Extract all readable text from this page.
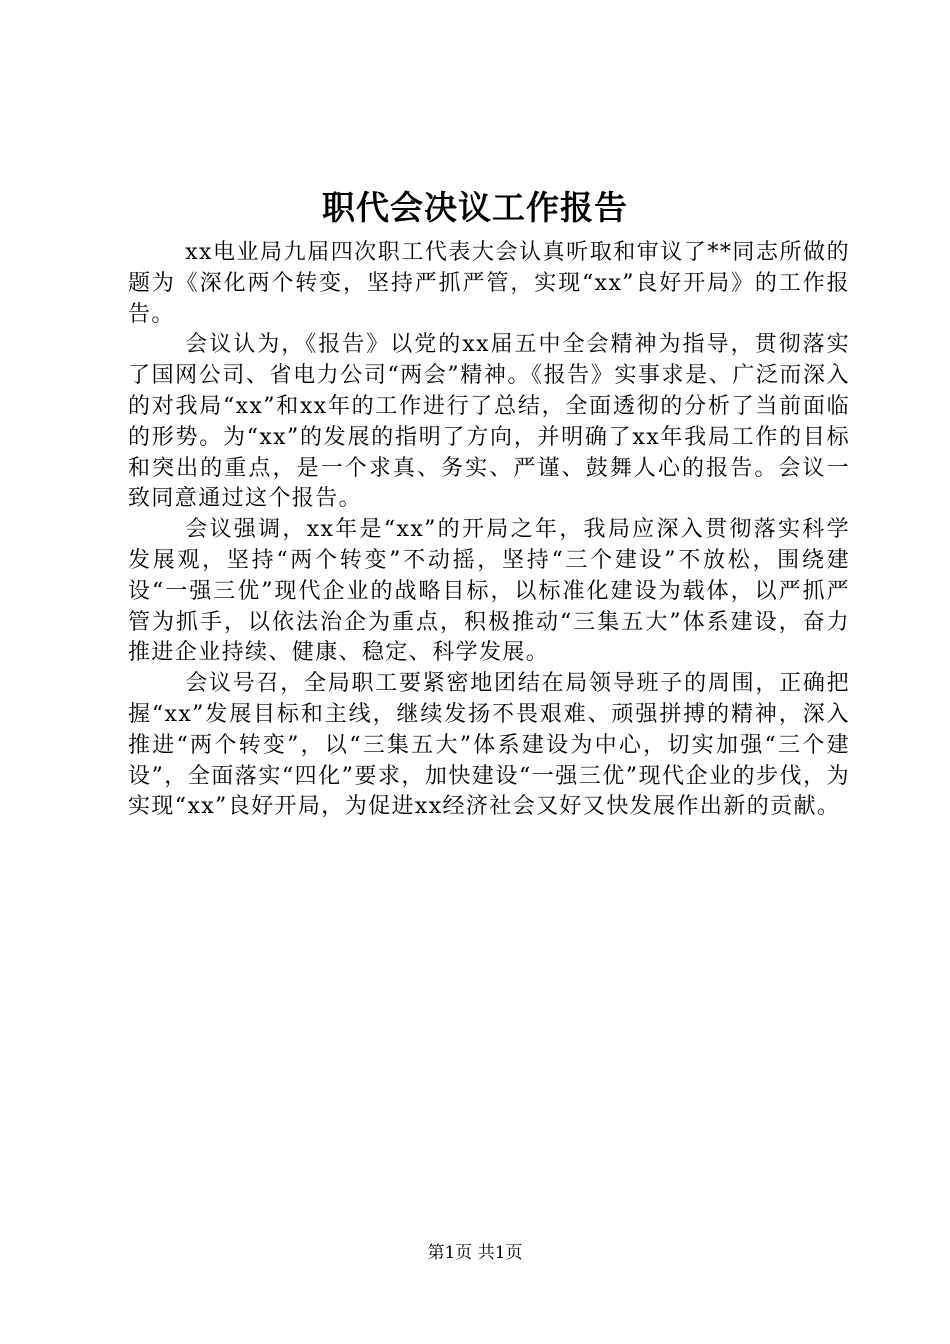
职代会决议工作报告

xx电业局九届四次职工代表大会认真听取和审议了**同志所做的题为《深化两个转变，坚持严抓严管，实现“xx”良好开局》的工作报告。

会议认为，《报告》以党的xx届五中全会精神为指导，贯彻落实了国网公司、省电力公司“两会”精神。《报告》实事求是、广泛而深入的对我局“xx”和xx年的工作进行了总结，全面透彻的分析了当前面临的形势。为“xx”的发展的指明了方向，并明确了xx年我局工作的目标和突出的重点，是一个求真、务实、严谨、鼓舞人心的报告。会议一致同意通过这个报告。

会议强调，xx年是“xx”的开局之年，我局应深入贯彻落实科学发展观，坚持“两个转变”不动摇，坚持“三个建设”不放松，围绕建设“一强三优”现代企业的战略目标，以标准化建设为载体，以严抓严管为抓手，以依法治企为重点，积极推动“三集五大”体系建设，奋力推进企业持续、健康、稳定、科学发展。

会议号召，全局职工要紧密地团结在局领导班子的周围，正确把握“xx”发展目标和主线，继续发扬不畏艰难、顽强拼搏的精神，深入推进“两个转变”，以“三集五大”体系建设为中心，切实加强“三个建设”，全面落实“四化”要求，加快建设“一强三优”现代企业的步伐，为实现“xx”良好开局，为促进xx经济社会又好又快发展作出新的贡献。

第1页 共1页
